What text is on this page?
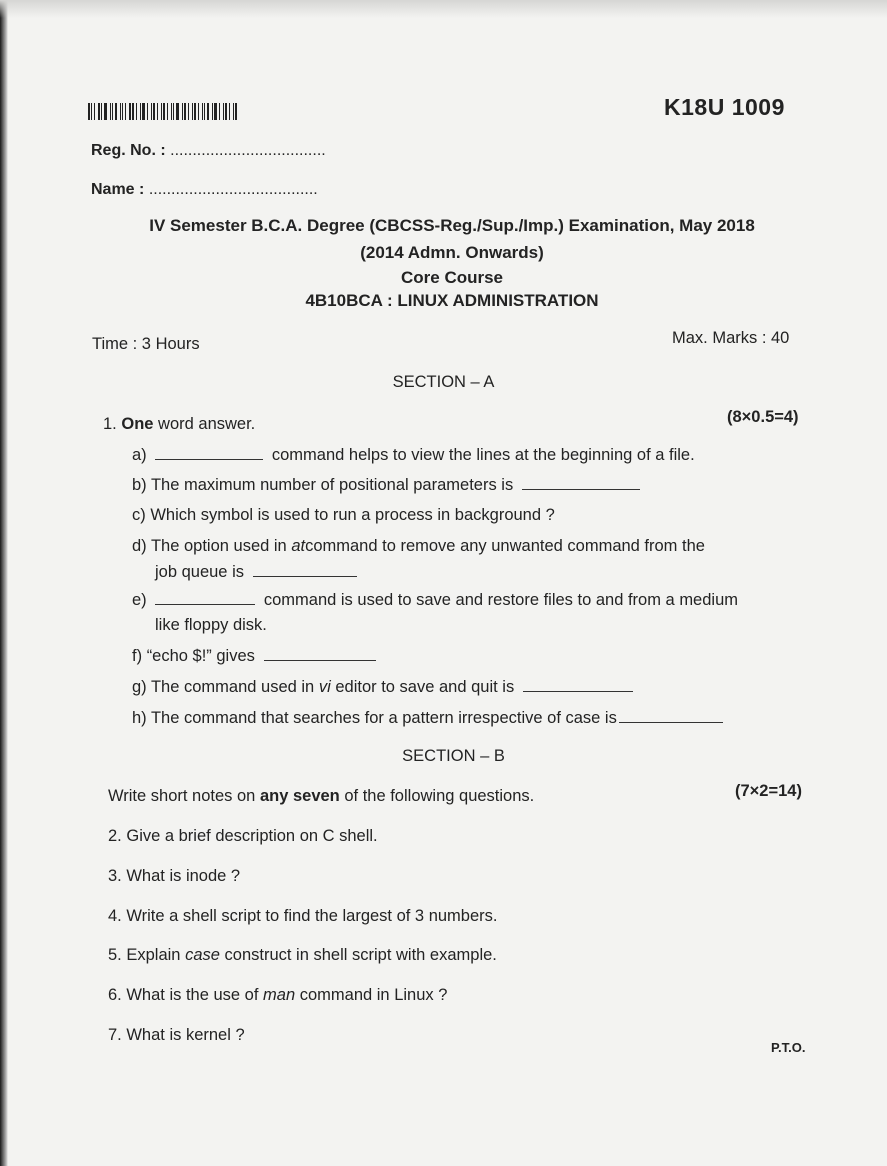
K18U 1009
Reg. No. : ...................................
Name : ......................................
IV Semester B.C.A. Degree (CBCSS-Reg./Sup./Imp.) Examination, May 2018
(2014 Admn. Onwards)
Core Course
4B10BCA : LINUX ADMINISTRATION
Time : 3 Hours	Max. Marks : 40
SECTION – A
1. One word answer.	(8×0.5=4)
a)	command helps to view the lines at the beginning of a file.
b) The maximum number of positional parameters is
c) Which symbol is used to run a process in background ?
d) The option used in atcommand to remove any unwanted command from the
job queue is
e)	command is used to save and restore files to and from a medium
like floppy disk.
f) “echo $!” gives
g) The command used in vi editor to save and quit is
h) The command that searches for a pattern irrespective of case is
SECTION – B
Write short notes on any seven of the following questions.	(7×2=14)
2. Give a brief description on C shell.
3. What is inode ?
4. Write a shell script to find the largest of 3 numbers.
5. Explain case construct in shell script with example.
6. What is the use of man command in Linux ?
7. What is kernel ?
P.T.O.
